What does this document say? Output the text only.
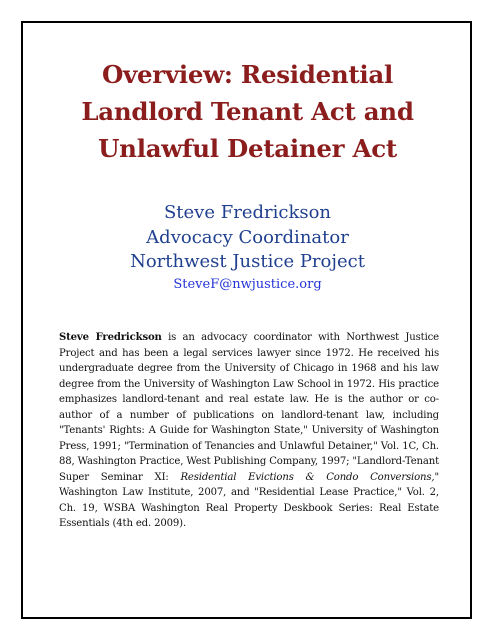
Overview: Residential
Landlord Tenant Act and
Unlawful Detainer Act
Steve Fredrickson
Advocacy Coordinator
Northwest Justice Project
SteveF@nwjustice.org

Steve Fredrickson is an advocacy coordinator with Northwest Justice Project and has been a legal services lawyer since 1972. He received his undergraduate degree from the University of Chicago in 1968 and his law degree from the University of Washington Law School in 1972. His practice emphasizes landlord-tenant and real estate law. He is the author or co-author of a number of publications on landlord-tenant law, including "Tenants' Rights: A Guide for Washington State," University of Washington Press, 1991; "Termination of Tenancies and Unlawful Detainer," Vol. 1C, Ch. 88, Washington Practice, West Publishing Company, 1997; "Landlord-Tenant Super Seminar XI: Residential Evictions & Condo Conversions," Washington Law Institute, 2007, and "Residential Lease Practice," Vol. 2, Ch. 19, WSBA Washington Real Property Deskbook Series: Real Estate Essentials (4th ed. 2009).
